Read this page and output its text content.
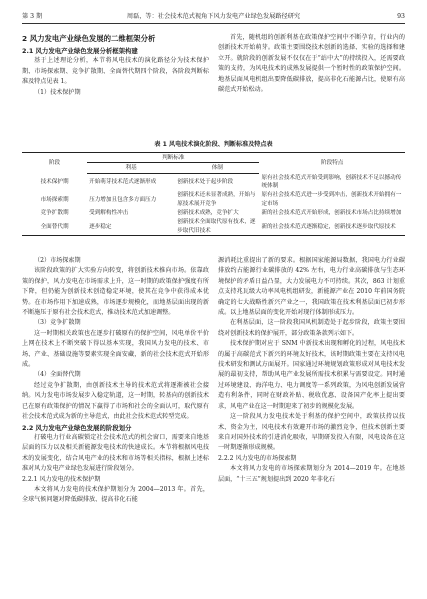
第 3 期	周磊，等：社会技术范式视角下风力发电产业绿色发展路径研究	93
2 风力发电产业绿色发展的二维框架分析
2.1 风力发电产业绿色发展分析框架构建

基于上述理论分析，本节将风电技术的演化路径分为技术保护期、市场探索期、竞争扩散期、全面替代期四个阶段，各阶段判断标准及特点见表 1。

（1）技术保护期

首先，随机组的创新利基在政策保护空间中不断孕育，行业内的创新技术开始萌芽。政策主要围绕技术创新的选择、实验的选择和建立开。就阶段的创新发展不仅仅在于“站中大”的持续投入，还需要政策的支持，为风电技术的成熟发展提供一个暂时性的政策保护空间。地基层面风电机组出要降低碳排放，提高非化石能源占比，使原有高碳范式开始松动。

表 1 风电技术演化阶段、判断标准及特点表
阶段	判断标准		阶段特点
	利基	体制	
技术保护期	开始萌芽技术范式逐渐形成	创新技术处于起步阶段	原有社会技术范式开始受到影响，创新技术不足以撼动传统体制
市场探索期	压力增加且包含多方面压力	创新技术还未显著成熟，开始与原技术展开竞争	原有社会技术范式进一步受到冲击，创新技术开始拥有一定市场
竞争扩散期	受到解构性冲击	创新技术成熟，竞争扩大	新的社会技术范式开始形成，创新技术市场占比持续增加
全面替代期	逐步稳定	创新技术全面取代原有技术，逐步取代旧技术	新的社会技术范式逐渐稳定，创新技术逐步取代原技术

（2）市场探索期

该阶段政策的扩大实验方向转变，将创新技术推向市场。依靠政策的保护，风力发电在市场需求上升，这一时期的政策保护强度有所下降，但仍能为创新技术创造稳定环境，使其在竞争中获得成本优势。在市场作用下加速成熟，市场逐步规模化，而地基层面出现的新不断施压于原有社会技术范式，推动技术范式加速调整。

（3）竞争扩散期

这一时期相关政策也在逐步打破原有的保护空间，风电单价平价上网在技术上不断突破下得以基本实现，我国风力发电的技术、市场、产业、基础设施等要素实现全面安藏，新的社会技术范式开始形成。

（4）全面替代期

经过竞争扩散期，由创新技术主导的技术范式将逐渐被社会接纳。风力发电市场发展步入稳定轨道，这一时期，转基向的创新技术已在原有政策保护的情况下赢得了市场和社会的全面认可，取代原有社会技术范式成为新的主导范式，由此社会技术范式转型完成。

2.2 风力发电产业绿色发展的阶段划分

打破电力行业高碳锁定社会技术范式的机会窗口，需要来自地基层面的压力以及相关新能源发电技术的快速成长。本节将根据风电技术的发展变化，结合风电产业的技术和市场等相关指标，根据上述标准对风力发电产业绿色发展进行阶段划分。

2.2.1 风力发电的技术保护期

本文将风力发电的技术保护期划分为 2004—2013 年。首先，全球气候问题对降低碳排放、提高非化石能

源消耗比重提出了新的要求。根据国家能源局数据，我国电力行业碳排放约占能源行业碳排放的 42% 左右，电力行业高碳排放与生态环境保护的矛盾日益凸显，大力发展电力不可持续。其次，863 计划重点支持兆瓦级大功率风电机组研发，新能源产业在 2010 年前国务院确定的七大战略性新兴产业之一，我国政策在技术利基层面已初步形成。以上地基层面的变化开始对现行体制形成压力。

在利基层面，这一阶段我国风机制造处于起步阶段，政策主要围绕对创新技术的保护展开，部分政策条款列示如下。

技术保护期对应于 SNM 中新技术出现和孵化的过程，风电技术的属于高碳范式下新兴的环境友好技术，该时期政策主要在支持风电技术研发和测试方面展开。国家通过环境规划政策形成对风电技术发展的最初支持，帮助风电产业发展所需技术积累与需要设定。同时通过环境建设、海洋电力、电力调度等一系列政策，为风电创新发展营造有利条件，同时在财政补贴、税收优惠、设备国产化率上提出要求，风电产业在这一时期迎来了初步的规模化发展。

这一阶段风力发电技术处于利基的保护空间中，政策扶持以技术、资金为主，风电技术有效避开市场的激烈竞争，但技术创新主要来自对国外技术的引进消化吸收，早期研发投入有限，风电设备在这一时期逐渐形成规模。

2.2.2 风力发电的市场探索期

本文将风力发电的市场探索期划分为 2014—2019 年。在地基层面，“十三五”规划提出到 2020 年非化石
